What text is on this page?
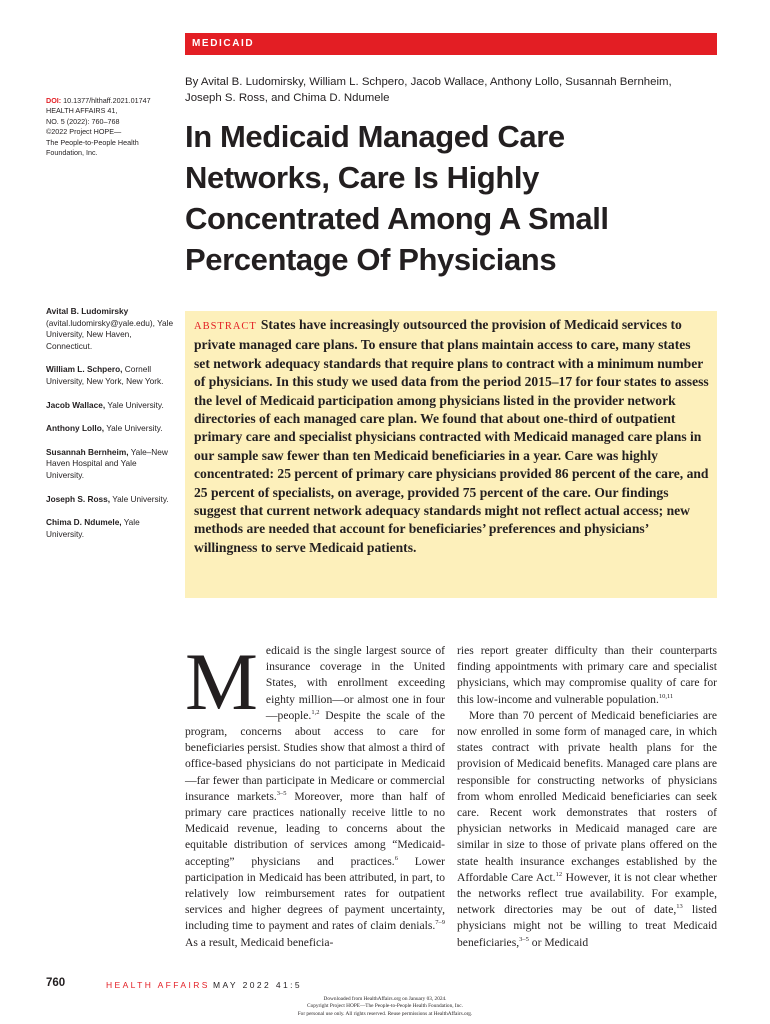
MEDICAID
DOI: 10.1377/hlthaff.2021.01747
HEALTH AFFAIRS 41,
NO. 5 (2022): 760–768
©2022 Project HOPE—
The People-to-People Health
Foundation, Inc.
By Avital B. Ludomirsky, William L. Schpero, Jacob Wallace, Anthony Lollo, Susannah Bernheim, Joseph S. Ross, and Chima D. Ndumele
In Medicaid Managed Care Networks, Care Is Highly Concentrated Among A Small Percentage Of Physicians

Avital B. Ludomirsky (avital.ludomirsky@yale.edu), Yale University, New Haven, Connecticut.

William L. Schpero, Cornell University, New York, New York.

Jacob Wallace, Yale University.

Anthony Lollo, Yale University.

Susannah Bernheim, Yale–New Haven Hospital and Yale University.

Joseph S. Ross, Yale University.

Chima D. Ndumele, Yale University.

ABSTRACT States have increasingly outsourced the provision of Medicaid services to private managed care plans. To ensure that plans maintain access to care, many states set network adequacy standards that require plans to contract with a minimum number of physicians. In this study we used data from the period 2015–17 for four states to assess the level of Medicaid participation among physicians listed in the provider network directories of each managed care plan. We found that about one-third of outpatient primary care and specialist physicians contracted with Medicaid managed care plans in our sample saw fewer than ten Medicaid beneficiaries in a year. Care was highly concentrated: 25 percent of primary care physicians provided 86 percent of the care, and 25 percent of specialists, on average, provided 75 percent of the care. Our findings suggest that current network adequacy standards might not reflect actual access; new methods are needed that account for beneficiaries’ preferences and physicians’ willingness to serve Medicaid patients.

Medicaid is the single largest source of insurance coverage in the United States, with enrollment exceeding eighty million—or almost one in four—people.$^{1,2}$ Despite the scale of the program, concerns about access to care for beneficiaries persist. Studies show that almost a third of office-based physicians do not participate in Medicaid—far fewer than participate in Medicare or commercial insurance markets.$^{3-5}$ Moreover, more than half of primary care practices nationally receive little to no Medicaid revenue, leading to concerns about the equitable distribution of services among “Medicaid-accepting” physicians and practices.$^6$ Lower participation in Medicaid has been attributed, in part, to relatively low reimbursement rates for outpatient services and higher degrees of payment uncertainty, including time to payment and rates of claim denials.$^{7-9}$ As a result, Medicaid beneficia-

ries report greater difficulty than their counterparts finding appointments with primary care and specialist physicians, which may compromise quality of care for this low-income and vulnerable population.$^{10,11}$

More than 70 percent of Medicaid beneficiaries are now enrolled in some form of managed care, in which states contract with private health plans for the provision of Medicaid benefits. Managed care plans are responsible for constructing networks of physicians from whom enrolled Medicaid beneficiaries can seek care. Recent work demonstrates that rosters of physician networks in Medicaid managed care are similar in size to those of private plans offered on the state health insurance exchanges established by the Affordable Care Act.$^{12}$ However, it is not clear whether the networks reflect true availability. For example, network directories may be out of date,$^{13}$ listed physicians might not be willing to treat Medicaid beneficiaries,$^{3-5}$ or Medicaid

760	HEALTH AFFAIRS MAY 2022 41:5
Downloaded from HealthAffairs.org on January 03, 2024.
Copyright Project HOPE—The People-to-People Health Foundation, Inc.
For personal use only. All rights reserved. Reuse permissions at HealthAffairs.org.
